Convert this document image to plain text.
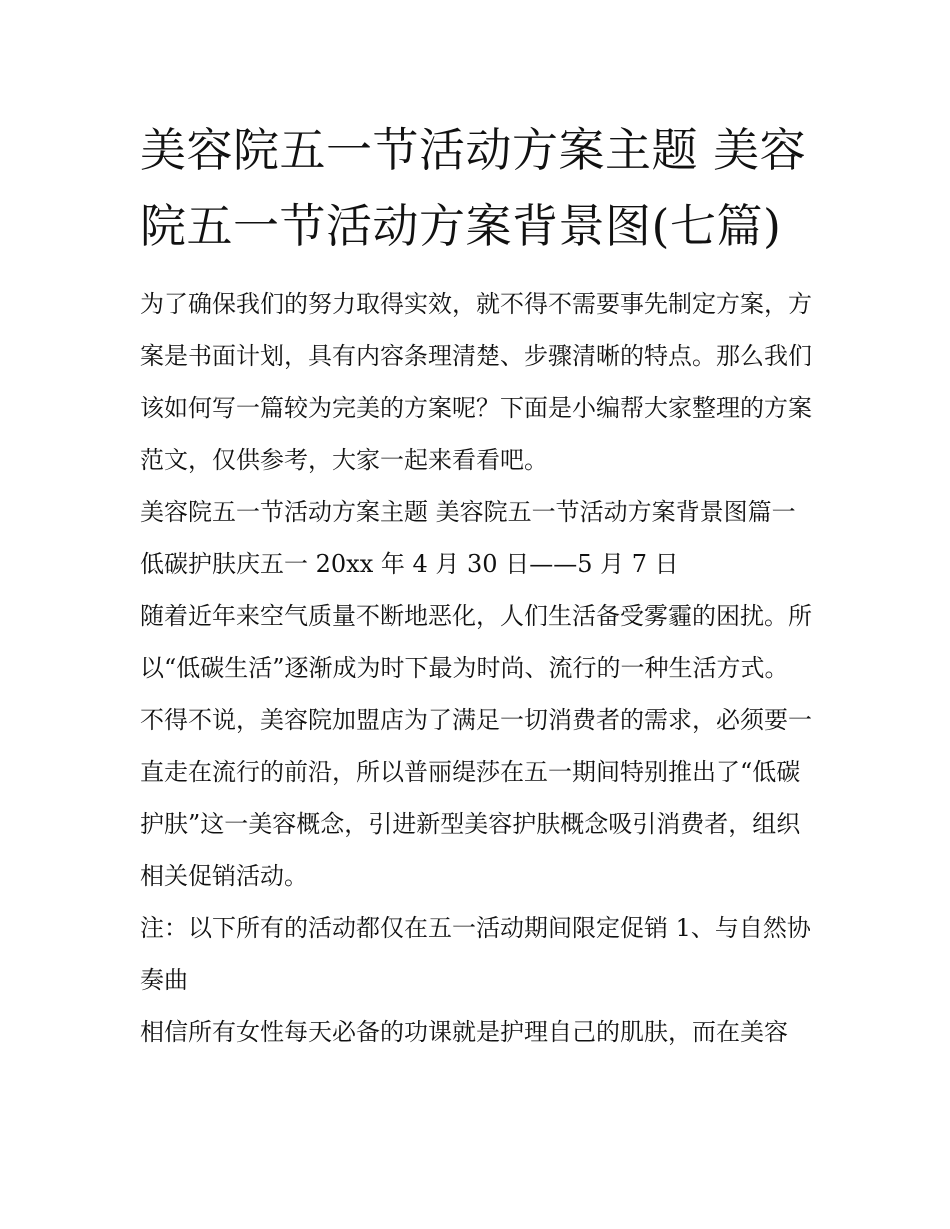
美容院五一节活动方案主题 美容院五一节活动方案背景图(七篇)

为了确保我们的努力取得实效，就不得不需要事先制定方案，方案是书面计划，具有内容条理清楚、步骤清晰的特点。那么我们该如何写一篇较为完美的方案呢？下面是小编帮大家整理的方案范文，仅供参考，大家一起来看看吧。

美容院五一节活动方案主题 美容院五一节活动方案背景图篇一 低碳护肤庆五一 20xx 年 4 月 30 日——5 月 7 日

随着近年来空气质量不断地恶化，人们生活备受雾霾的困扰。所以“低碳生活”逐渐成为时下最为时尚、流行的一种生活方式。不得不说，美容院加盟店为了满足一切消费者的需求，必须要一直走在流行的前沿，所以普丽缇莎在五一期间特别推出了“低碳护肤”这一美容概念，引进新型美容护肤概念吸引消费者，组织相关促销活动。

注：以下所有的活动都仅在五一活动期间限定促销 1、与自然协奏曲

相信所有女性每天必备的功课就是护理自己的肌肤，而在美容
